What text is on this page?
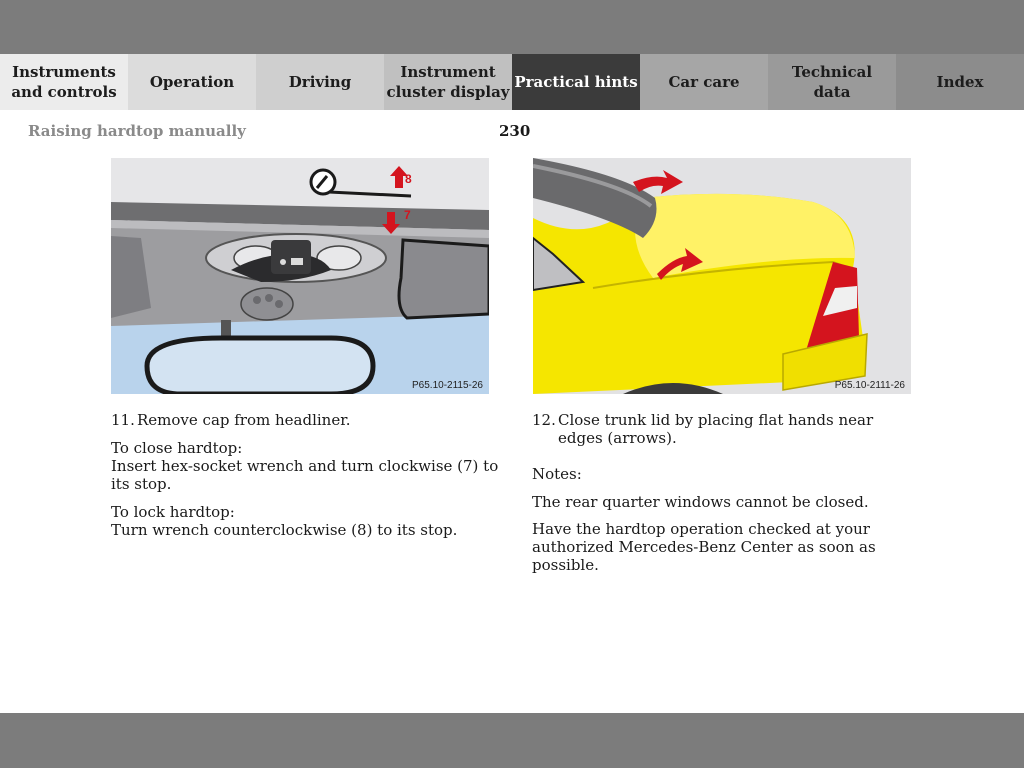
Instruments
and controls
Operation	Driving
Instrument
cluster display
Practical hints Car care
Technical
data
Index
Raising hardtop manually	230
8
7
P65.10-2115-26	P65.10-2111-26
11. Remove cap from headliner.

To close hardtop:

Insert hex-socket wrench and turn clockwise (7) to its stop.

To lock hardtop:

Turn wrench counterclockwise (8) to its stop.

12. Close trunk lid by placing flat hands near edges (arrows).

Notes:

The rear quarter windows cannot be closed.

Have the hardtop operation checked at your authorized Mercedes-Benz Center as soon as possible.
